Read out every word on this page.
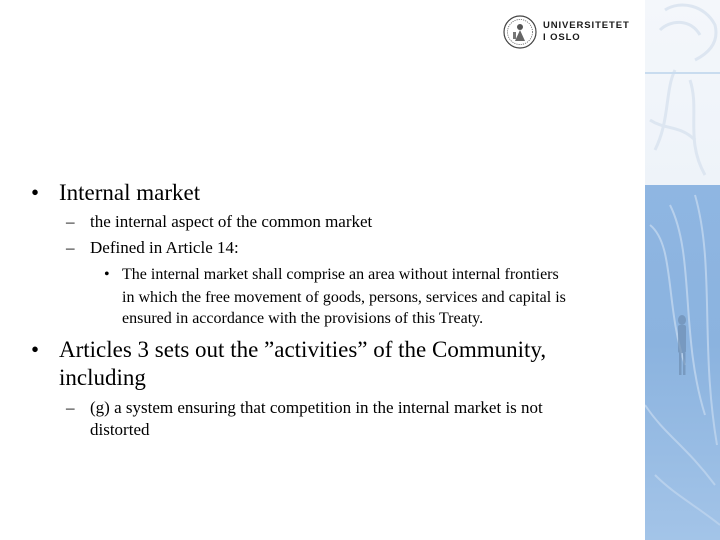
UNIVERSITETET
I OSLO
• Internal market
– the internal aspect of the common market
– Defined in Article 14:
• The internal market shall comprise an area without internal frontiers
in which the free movement of goods, persons, services and capital is
ensured in accordance with the provisions of this Treaty.
• Articles 3 sets out the ”activities” of the Community,
including
– (g) a system ensuring that competition in the internal market is not
distorted
